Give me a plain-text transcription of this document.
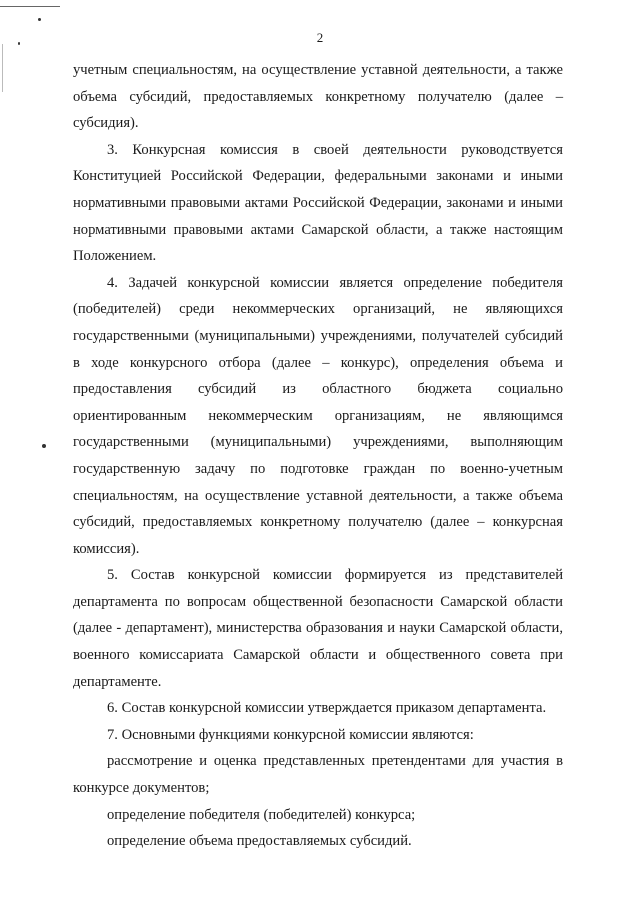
2

учетным специальностям, на осуществление уставной деятельности, а также объема субсидий, предоставляемых конкретному получателю (далее – субсидия).

3. Конкурсная комиссия в своей деятельности руководствуется Конституцией Российской Федерации, федеральными законами и иными нормативными правовыми актами Российской Федерации, законами и иными нормативными правовыми актами Самарской области, а также настоящим Положением.

4. Задачей конкурсной комиссии является определение победителя (победителей) среди некоммерческих организаций, не являющихся государственными (муниципальными) учреждениями, получателей субсидий в ходе конкурсного отбора (далее – конкурс), определения объема и предоставления субсидий из областного бюджета социально ориентированным некоммерческим организациям, не являющимся государственными (муниципальными) учреждениями, выполняющим государственную задачу по подготовке граждан по военно-учетным специальностям, на осуществление уставной деятельности, а также объема субсидий, предоставляемых конкретному получателю (далее – конкурсная комиссия).

5. Состав конкурсной комиссии формируется из представителей департамента по вопросам общественной безопасности Самарской области (далее - департамент), министерства образования и науки Самарской области, военного комиссариата Самарской области и общественного совета при департаменте.

6. Состав конкурсной комиссии утверждается приказом департамента.

7. Основными функциями конкурсной комиссии являются:

рассмотрение и оценка представленных претендентами для участия в конкурсе документов;

определение победителя (победителей) конкурса;

определение объема предоставляемых субсидий.
